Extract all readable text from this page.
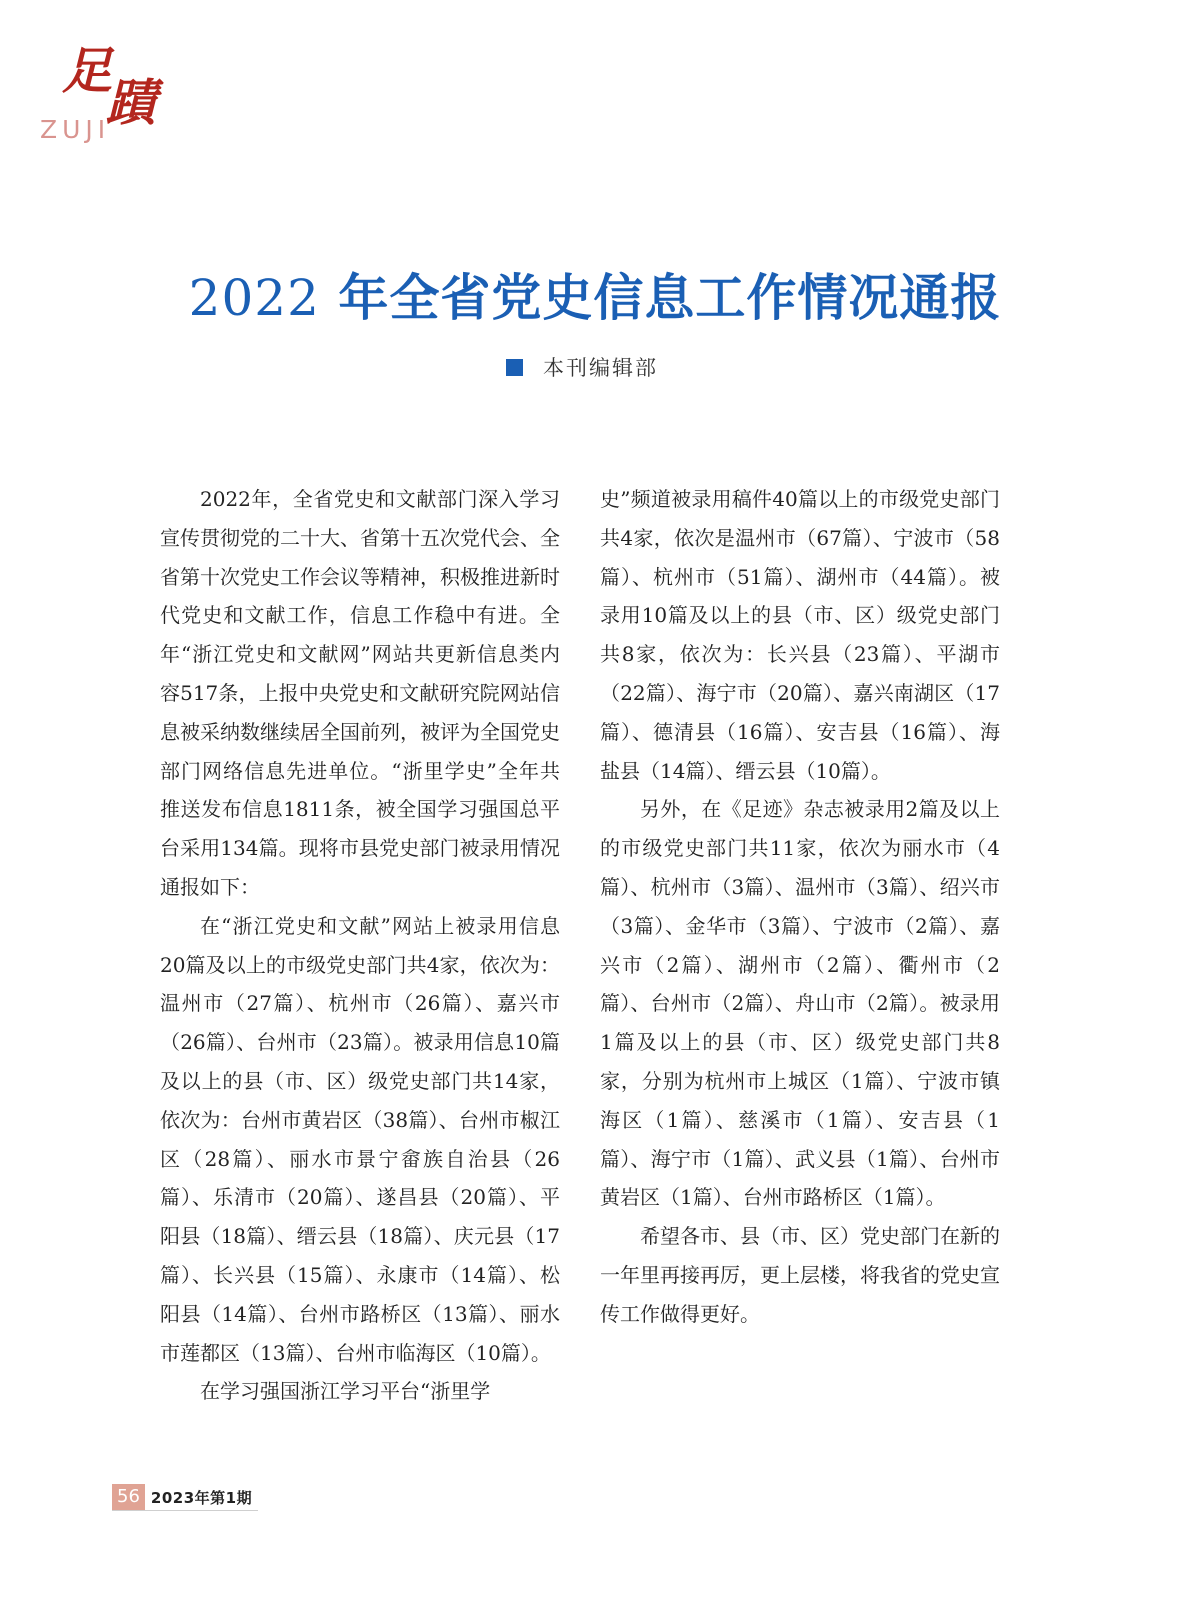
足蹟
ZUJI
2022 年全省党史信息工作情况通报
本刊编辑部

2022年，全省党史和文献部门深入学习宣传贯彻党的二十大、省第十五次党代会、全省第十次党史工作会议等精神，积极推进新时代党史和文献工作，信息工作稳中有进。全年“浙江党史和文献网”网站共更新信息类内容517条，上报中央党史和文献研究院网站信息被采纳数继续居全国前列，被评为全国党史部门网络信息先进单位。“浙里学史”全年共推送发布信息1811条，被全国学习强国总平台采用134篇。现将市县党史部门被录用情况通报如下：

在“浙江党史和文献”网站上被录用信息20篇及以上的市级党史部门共4家，依次为：温州市（27篇）、杭州市（26篇）、嘉兴市（26篇）、台州市（23篇）。被录用信息10篇及以上的县（市、区）级党史部门共14家，依次为：台州市黄岩区（38篇）、台州市椒江区（28篇）、丽水市景宁畲族自治县（26篇）、乐清市（20篇）、遂昌县（20篇）、平阳县（18篇）、缙云县（18篇）、庆元县（17篇）、长兴县（15篇）、永康市（14篇）、松阳县（14篇）、台州市路桥区（13篇）、丽水市莲都区（13篇）、台州市临海区（10篇）。

在学习强国浙江学习平台“浙里学

史”频道被录用稿件40篇以上的市级党史部门共4家，依次是温州市（67篇）、宁波市（58篇）、杭州市（51篇）、湖州市（44篇）。被录用10篇及以上的县（市、区）级党史部门共8家，依次为：长兴县（23篇）、平湖市（22篇）、海宁市（20篇）、嘉兴南湖区（17篇）、德清县（16篇）、安吉县（16篇）、海盐县（14篇）、缙云县（10篇）。

另外，在《足迹》杂志被录用2篇及以上的市级党史部门共11家，依次为丽水市（4篇）、杭州市（3篇）、温州市（3篇）、绍兴市（3篇）、金华市（3篇）、宁波市（2篇）、嘉兴市（2篇）、湖州市（2篇）、衢州市（2篇）、台州市（2篇）、舟山市（2篇）。被录用1篇及以上的县（市、区）级党史部门共8家，分别为杭州市上城区（1篇）、宁波市镇海区（1篇）、慈溪市（1篇）、安吉县（1篇）、海宁市（1篇）、武义县（1篇）、台州市黄岩区（1篇）、台州市路桥区（1篇）。

希望各市、县（市、区）党史部门在新的一年里再接再厉，更上层楼，将我省的党史宣传工作做得更好。

56 2023年第1期
